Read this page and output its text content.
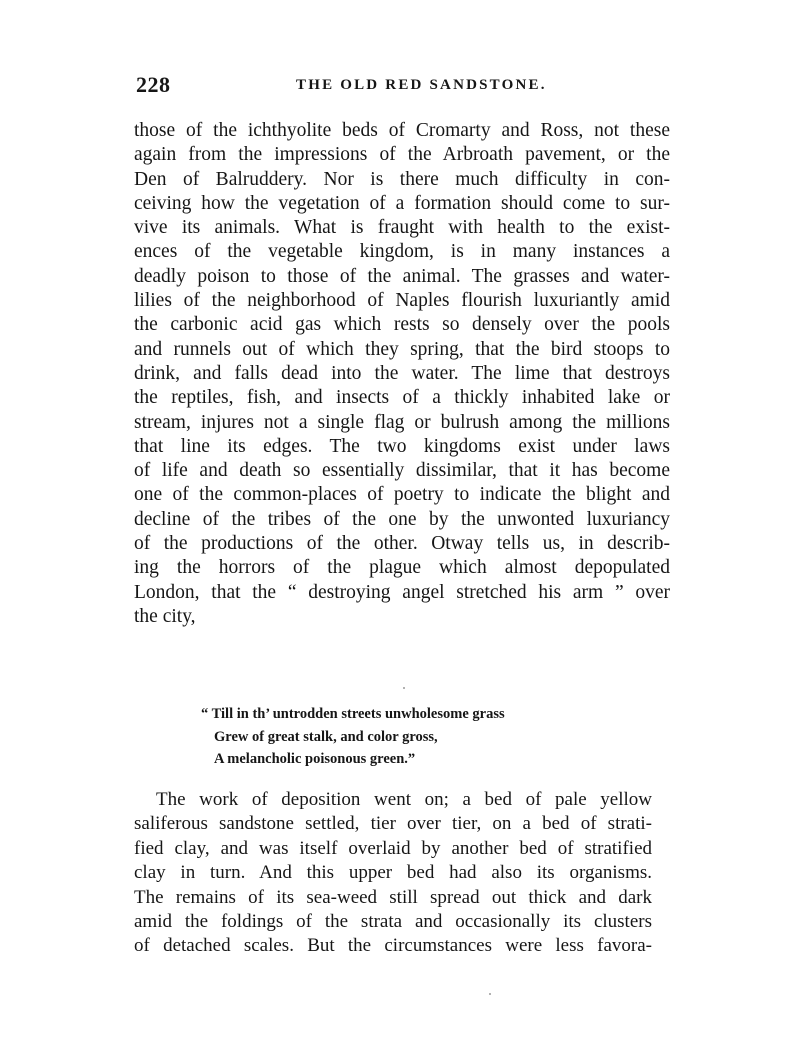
228	THE OLD RED SANDSTONE.
those of the ichthyolite beds of Cromarty and Ross, not these
again from the impressions of the Arbroath pavement, or the
Den of Balruddery. Nor is there much difficulty in con-
ceiving how the vegetation of a formation should come to sur-
vive its animals. What is fraught with health to the exist-
ences of the vegetable kingdom, is in many instances a
deadly poison to those of the animal. The grasses and water-
lilies of the neighborhood of Naples flourish luxuriantly amid
the carbonic acid gas which rests so densely over the pools
and runnels out of which they spring, that the bird stoops to
drink, and falls dead into the water. The lime that destroys
the reptiles, fish, and insects of a thickly inhabited lake or
stream, injures not a single flag or bulrush among the millions
that line its edges. The two kingdoms exist under laws
of life and death so essentially dissimilar, that it has become
one of the common-places of poetry to indicate the blight and
decline of the tribes of the one by the unwonted luxuriancy
of the productions of the other. Otway tells us, in describ-
ing the horrors of the plague which almost depopulated
London, that the “ destroying angel stretched his arm ” over
the city,
“ Till in th’ untrodden streets unwholesome grass
Grew of great stalk, and color gross,
A melancholic poisonous green.”
The work of deposition went on; a bed of pale yellow
saliferous sandstone settled, tier over tier, on a bed of strati-
fied clay, and was itself overlaid by another bed of stratified
clay in turn. And this upper bed had also its organisms.
The remains of its sea-weed still spread out thick and dark
amid the foldings of the strata and occasionally its clusters
of detached scales. But the circumstances were less favora-
